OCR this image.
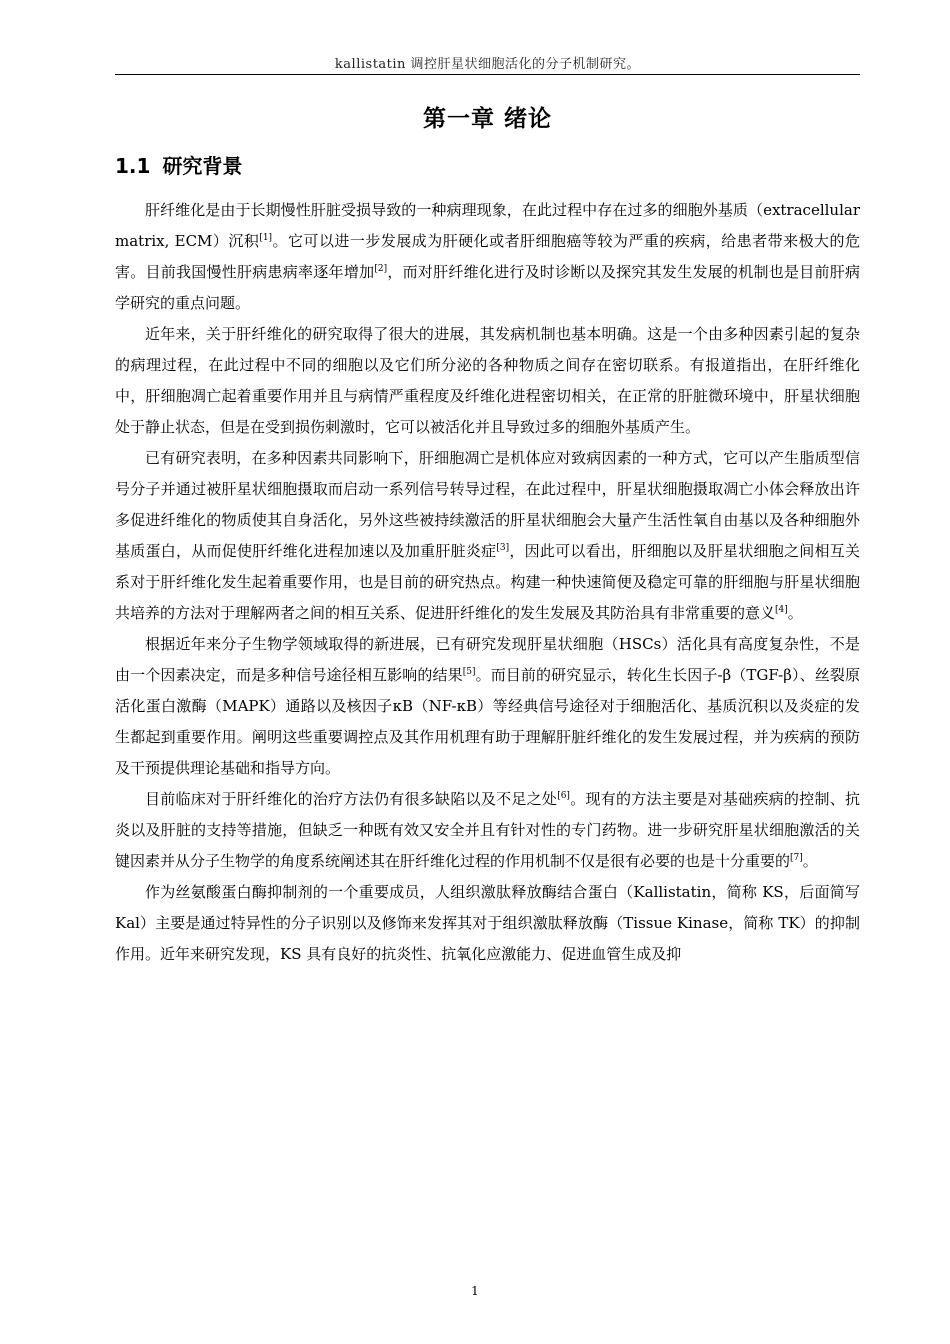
kallistatin 调控肝星状细胞活化的分子机制研究。
第一章 绪论
1.1 研究背景

肝纤维化是由于长期慢性肝脏受损导致的一种病理现象，在此过程中存在过多的细胞外基质（extracellular matrix, ECM）沉积[1]。它可以进一步发展成为肝硬化或者肝细胞癌等较为严重的疾病，给患者带来极大的危害。目前我国慢性肝病患病率逐年增加[2]，而对肝纤维化进行及时诊断以及探究其发生发展的机制也是目前肝病学研究的重点问题。

近年来，关于肝纤维化的研究取得了很大的进展，其发病机制也基本明确。这是一个由多种因素引起的复杂的病理过程，在此过程中不同的细胞以及它们所分泌的各种物质之间存在密切联系。有报道指出，在肝纤维化中，肝细胞凋亡起着重要作用并且与病情严重程度及纤维化进程密切相关，在正常的肝脏微环境中，肝星状细胞处于静止状态，但是在受到损伤刺激时，它可以被活化并且导致过多的细胞外基质产生。

已有研究表明，在多种因素共同影响下，肝细胞凋亡是机体应对致病因素的一种方式，它可以产生脂质型信号分子并通过被肝星状细胞摄取而启动一系列信号转导过程，在此过程中，肝星状细胞摄取凋亡小体会释放出许多促进纤维化的物质使其自身活化，另外这些被持续激活的肝星状细胞会大量产生活性氧自由基以及各种细胞外基质蛋白，从而促使肝纤维化进程加速以及加重肝脏炎症[3]，因此可以看出，肝细胞以及肝星状细胞之间相互关系对于肝纤维化发生起着重要作用，也是目前的研究热点。构建一种快速简便及稳定可靠的肝细胞与肝星状细胞共培养的方法对于理解两者之间的相互关系、促进肝纤维化的发生发展及其防治具有非常重要的意义[4]。

根据近年来分子生物学领域取得的新进展，已有研究发现肝星状细胞（HSCs）活化具有高度复杂性，不是由一个因素决定，而是多种信号途径相互影响的结果[5]。而目前的研究显示，转化生长因子-β（TGF-β）、丝裂原活化蛋白激酶（MAPK）通路以及核因子κB（NF-κB）等经典信号途径对于细胞活化、基质沉积以及炎症的发生都起到重要作用。阐明这些重要调控点及其作用机理有助于理解肝脏纤维化的发生发展过程，并为疾病的预防及干预提供理论基础和指导方向。

目前临床对于肝纤维化的治疗方法仍有很多缺陷以及不足之处[6]。现有的方法主要是对基础疾病的控制、抗炎以及肝脏的支持等措施，但缺乏一种既有效又安全并且有针对性的专门药物。进一步研究肝星状细胞激活的关键因素并从分子生物学的角度系统阐述其在肝纤维化过程的作用机制不仅是很有必要的也是十分重要的[7]。

作为丝氨酸蛋白酶抑制剂的一个重要成员，人组织激肽释放酶结合蛋白（Kallistatin，简称 KS，后面简写 Kal）主要是通过特异性的分子识别以及修饰来发挥其对于组织激肽释放酶（Tissue Kinase，简称 TK）的抑制作用。近年来研究发现，KS 具有良好的抗炎性、抗氧化应激能力、促进血管生成及抑

1
